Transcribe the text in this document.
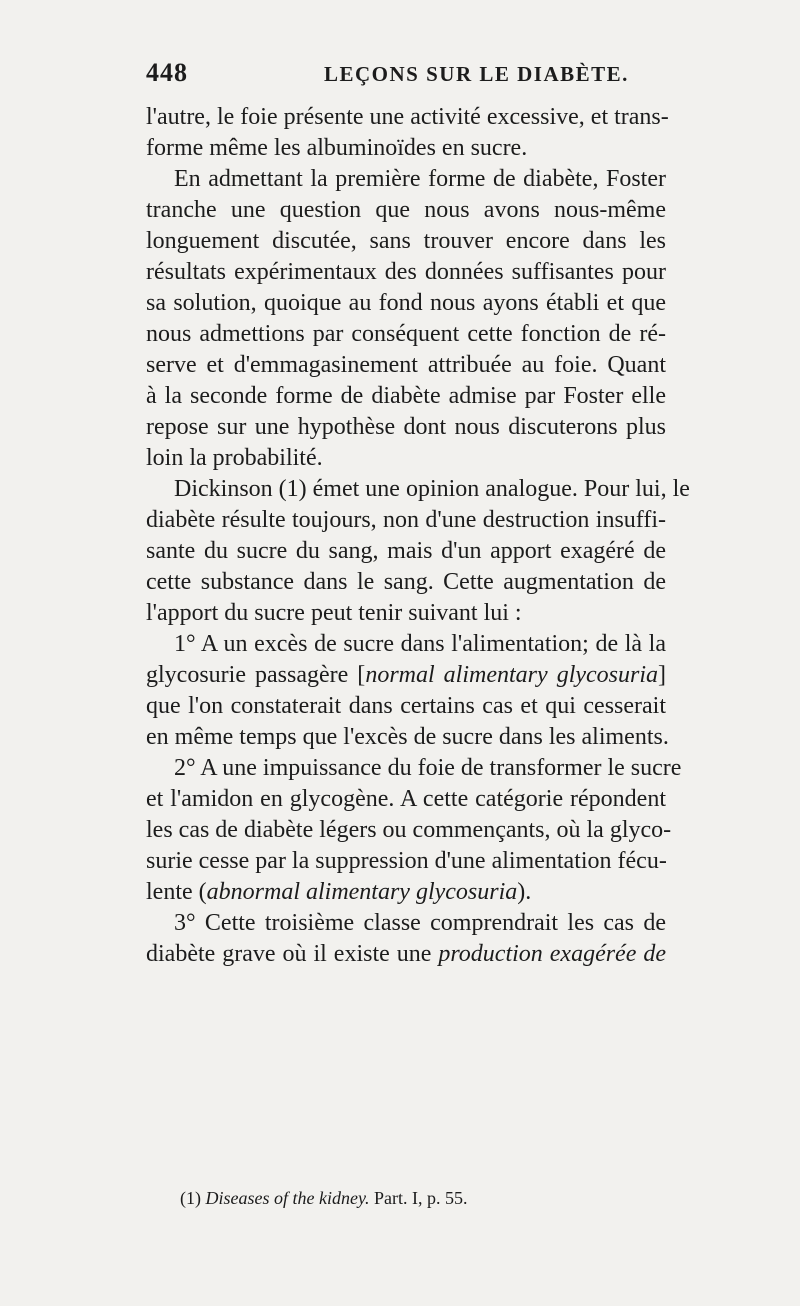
448	LEÇONS SUR LE DIABÈTE.
l'autre, le foie présente une activité excessive, et trans-
forme même les albuminoïdes en sucre.
En admettant la première forme de diabète, Foster
tranche une question que nous avons nous-même
longuement discutée, sans trouver encore dans les
résultats expérimentaux des données suffisantes pour
sa solution, quoique au fond nous ayons établi et que
nous admettions par conséquent cette fonction de ré-
serve et d'emmagasinement attribuée au foie. Quant
à la seconde forme de diabète admise par Foster elle
repose sur une hypothèse dont nous discuterons plus
loin la probabilité.
Dickinson (1) émet une opinion analogue. Pour lui, le
diabète résulte toujours, non d'une destruction insuffi-
sante du sucre du sang, mais d'un apport exagéré de
cette substance dans le sang. Cette augmentation de
l'apport du sucre peut tenir suivant lui :
1° A un excès de sucre dans l'alimentation; de là la
glycosurie passagère [normal alimentary glycosuria]
que l'on constaterait dans certains cas et qui cesserait
en même temps que l'excès de sucre dans les aliments.
2° A une impuissance du foie de transformer le sucre
et l'amidon en glycogène. A cette catégorie répondent
les cas de diabète légers ou commençants, où la glyco-
surie cesse par la suppression d'une alimentation fécu-
lente (abnormal alimentary glycosuria).
3° Cette troisième classe comprendrait les cas de
diabète grave où il existe une production exagérée de
(1) Diseases of the kidney. Part. I, p. 55.
